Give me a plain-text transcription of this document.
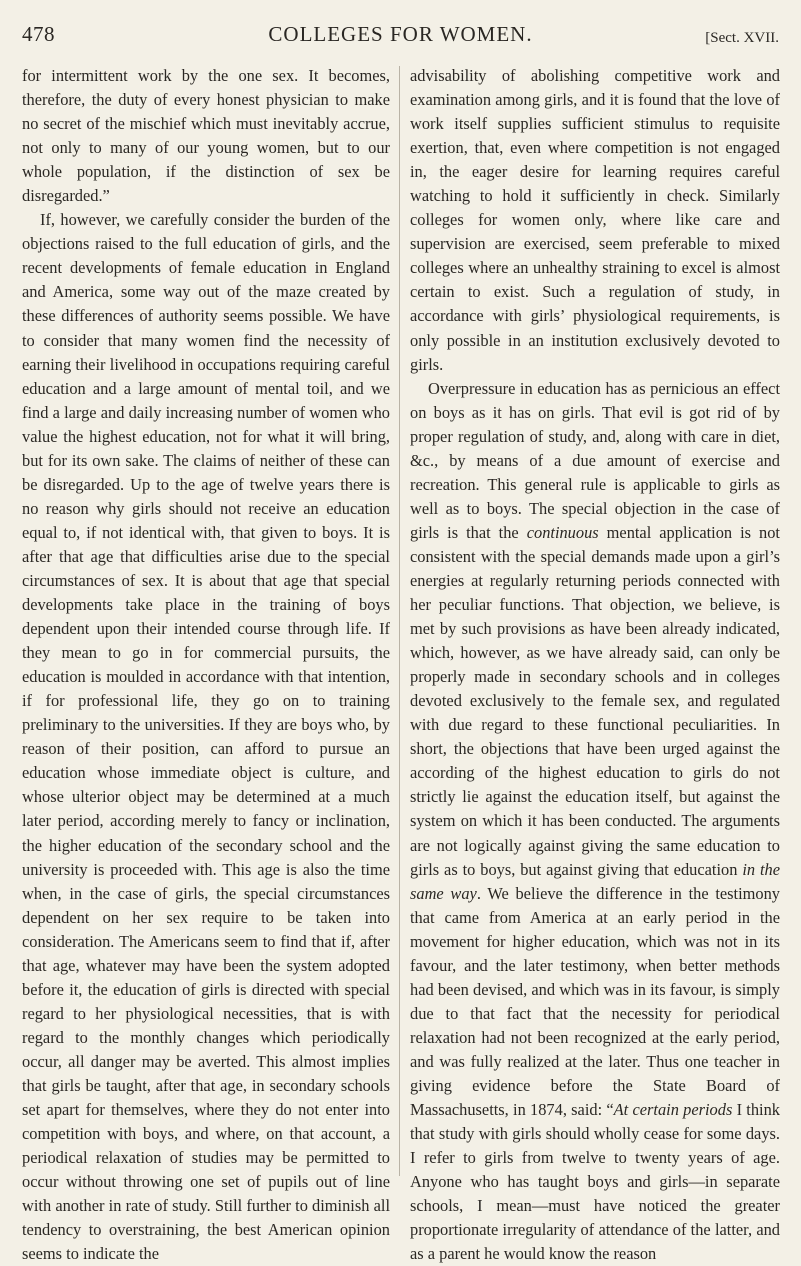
478	COLLEGES FOR WOMEN.	[Sect. XVII.

for intermittent work by the one sex. It becomes, therefore, the duty of every honest physician to make no secret of the mischief which must inevitably accrue, not only to many of our young women, but to our whole population, if the distinction of sex be disregarded.”

If, however, we carefully consider the burden of the objections raised to the full education of girls, and the recent developments of female education in England and America, some way out of the maze created by these differences of authority seems possible. We have to consider that many women find the necessity of earning their livelihood in occupations requiring careful education and a large amount of mental toil, and we find a large and daily increasing number of women who value the highest education, not for what it will bring, but for its own sake. The claims of neither of these can be disregarded. Up to the age of twelve years there is no reason why girls should not receive an education equal to, if not identical with, that given to boys. It is after that age that difficulties arise due to the special circumstances of sex. It is about that age that special developments take place in the training of boys dependent upon their intended course through life. If they mean to go in for commercial pursuits, the education is moulded in accordance with that intention, if for professional life, they go on to training preliminary to the universities. If they are boys who, by reason of their position, can afford to pursue an education whose immediate object is culture, and whose ulterior object may be determined at a much later period, according merely to fancy or inclination, the higher education of the secondary school and the university is proceeded with. This age is also the time when, in the case of girls, the special circumstances dependent on her sex require to be taken into consideration. The Americans seem to find that if, after that age, whatever may have been the system adopted before it, the education of girls is directed with special regard to her physiological necessities, that is with regard to the monthly changes which periodically occur, all danger may be averted. This almost implies that girls be taught, after that age, in secondary schools set apart for themselves, where they do not enter into competition with boys, and where, on that account, a periodical relaxation of studies may be permitted to occur without throwing one set of pupils out of line with another in rate of study. Still further to diminish all tendency to overstraining, the best American opinion seems to indicate the

advisability of abolishing competitive work and examination among girls, and it is found that the love of work itself supplies sufficient stimulus to requisite exertion, that, even where competition is not engaged in, the eager desire for learning requires careful watching to hold it sufficiently in check. Similarly colleges for women only, where like care and supervision are exercised, seem preferable to mixed colleges where an unhealthy straining to excel is almost certain to exist. Such a regulation of study, in accordance with girls’ physiological requirements, is only possible in an institution exclusively devoted to girls.

Overpressure in education has as pernicious an effect on boys as it has on girls. That evil is got rid of by proper regulation of study, and, along with care in diet, &c., by means of a due amount of exercise and recreation. This general rule is applicable to girls as well as to boys. The special objection in the case of girls is that the continuous mental application is not consistent with the special demands made upon a girl’s energies at regularly returning periods connected with her peculiar functions. That objection, we believe, is met by such provisions as have been already indicated, which, however, as we have already said, can only be properly made in secondary schools and in colleges devoted exclusively to the female sex, and regulated with due regard to these functional peculiarities. In short, the objections that have been urged against the according of the highest education to girls do not strictly lie against the education itself, but against the system on which it has been conducted. The arguments are not logically against giving the same education to girls as to boys, but against giving that education in the same way. We believe the difference in the testimony that came from America at an early period in the movement for higher education, which was not in its favour, and the later testimony, when better methods had been devised, and which was in its favour, is simply due to that fact that the necessity for periodical relaxation had not been recognized at the early period, and was fully realized at the later. Thus one teacher in giving evidence before the State Board of Massachusetts, in 1874, said: “At certain periods I think that study with girls should wholly cease for some days. I refer to girls from twelve to twenty years of age. Anyone who has taught boys and girls—in separate schools, I mean—must have noticed the greater proportionate irregularity of attendance of the latter, and as a parent he would know the reason
